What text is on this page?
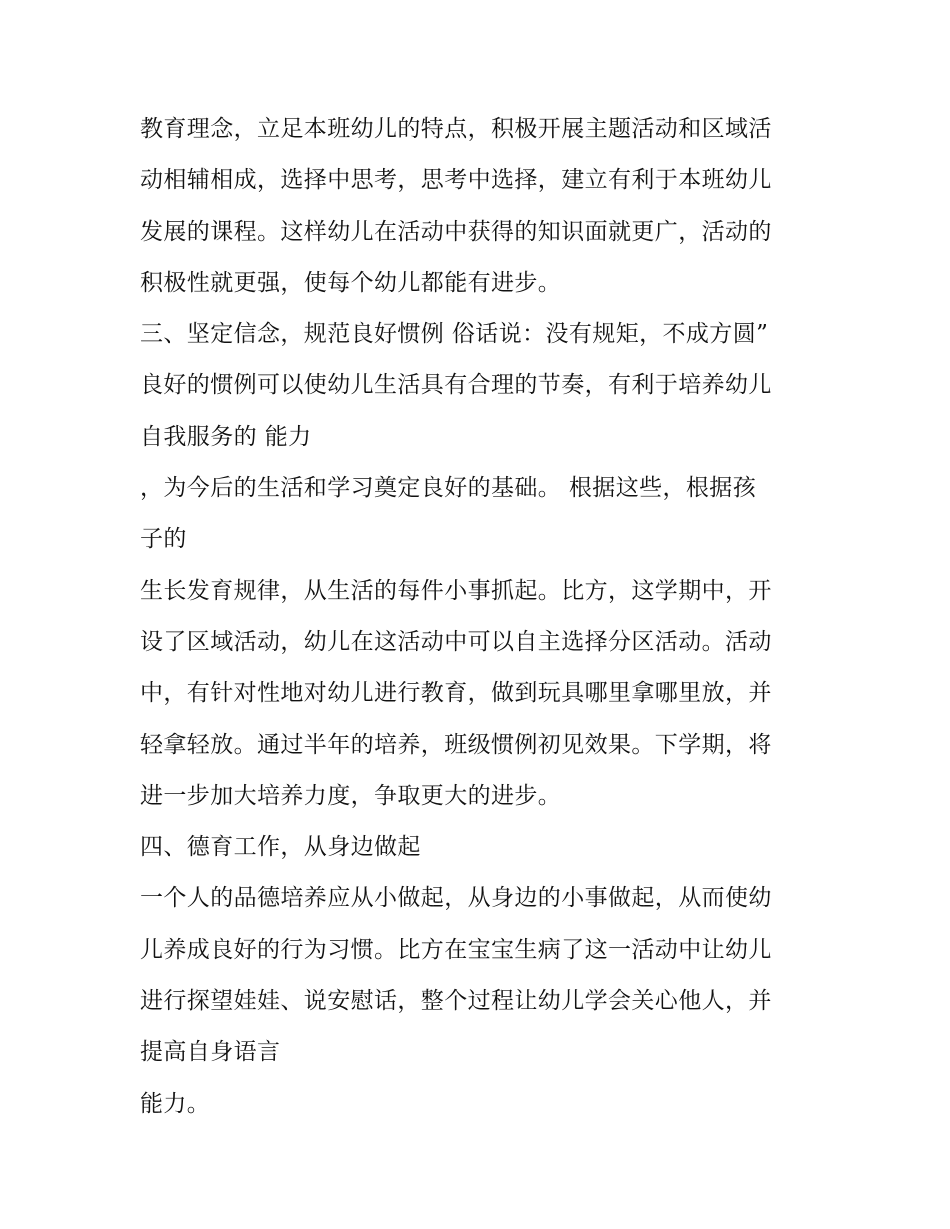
教育理念，立足本班幼儿的特点，积极开展主题活动和区域活
动相辅相成，选择中思考，思考中选择，建立有利于本班幼儿
发展的课程。这样幼儿在活动中获得的知识面就更广，活动的
积极性就更强，使每个幼儿都能有进步。
三、坚定信念，规范良好惯例 俗话说：没有规矩，不成方圆”
良好的惯例可以使幼儿生活具有合理的节奏，有利于培养幼儿
自我服务的 能力
，为今后的生活和学习奠定良好的基础。 根据这些，根据孩
子的
生长发育规律，从生活的每件小事抓起。比方，这学期中，开
设了区域活动，幼儿在这活动中可以自主选择分区活动。活动
中，有针对性地对幼儿进行教育，做到玩具哪里拿哪里放，并
轻拿轻放。通过半年的培养，班级惯例初见效果。下学期，将
进一步加大培养力度，争取更大的进步。
四、德育工作，从身边做起
一个人的品德培养应从小做起，从身边的小事做起，从而使幼
儿养成良好的行为习惯。比方在宝宝生病了这一活动中让幼儿
进行探望娃娃、说安慰话，整个过程让幼儿学会关心他人，并
提高自身语言
能力。
